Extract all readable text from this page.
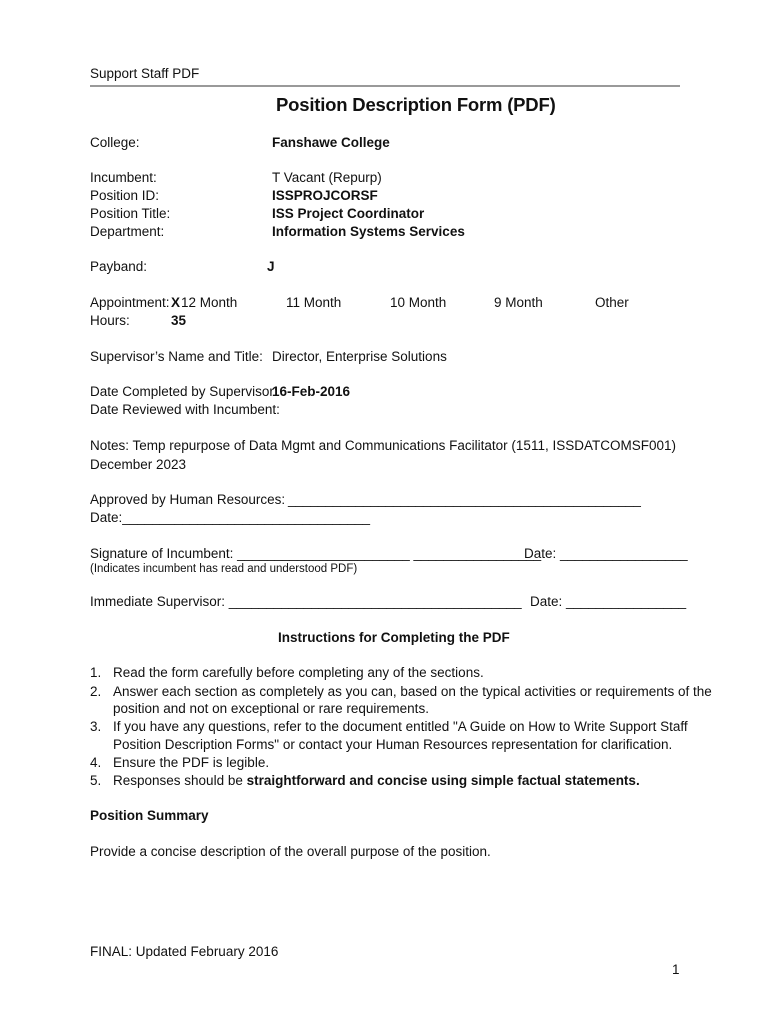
Support Staff PDF
Position Description Form (PDF)
College:	Fanshawe College
Incumbent:	T Vacant (Repurp)
Position ID:	ISSPROJCORSF
Position Title:	ISS Project Coordinator
Department:	Information Systems Services
Payband:	J
Appointment: X 12 Month	11 Month	10 Month	9 Month	Other
Hours:	35
Supervisor’s Name and Title: Director, Enterprise Solutions
Date Completed by Supervisor:
16-Feb-2016
Date Reviewed with Incumbent:
Notes: Temp repurpose of Data Mgmt and Communications Facilitator (1511, ISSDATCOMSF001)
December 2023
Approved by Human Resources: _______________________________________________
Date:_________________________________
Signature of Incumbent: _______________________ _________________
Date: _________________
(Indicates incumbent has read and understood PDF)
Immediate Supervisor: _______________________________________ Date: ________________
Instructions for Completing the PDF
1. Read the form carefully before completing any of the sections.
2. Answer each section as completely as you can, based on the typical activities or requirements of the
position and not on exceptional or rare requirements.
3. If you have any questions, refer to the document entitled "A Guide on How to Write Support Staff
Position Description Forms" or contact your Human Resources representation for clarification.
4. Ensure the PDF is legible.
5. Responses should be straightforward and concise using simple factual statements.
Position Summary
Provide a concise description of the overall purpose of the position.
FINAL: Updated February 2016
1
